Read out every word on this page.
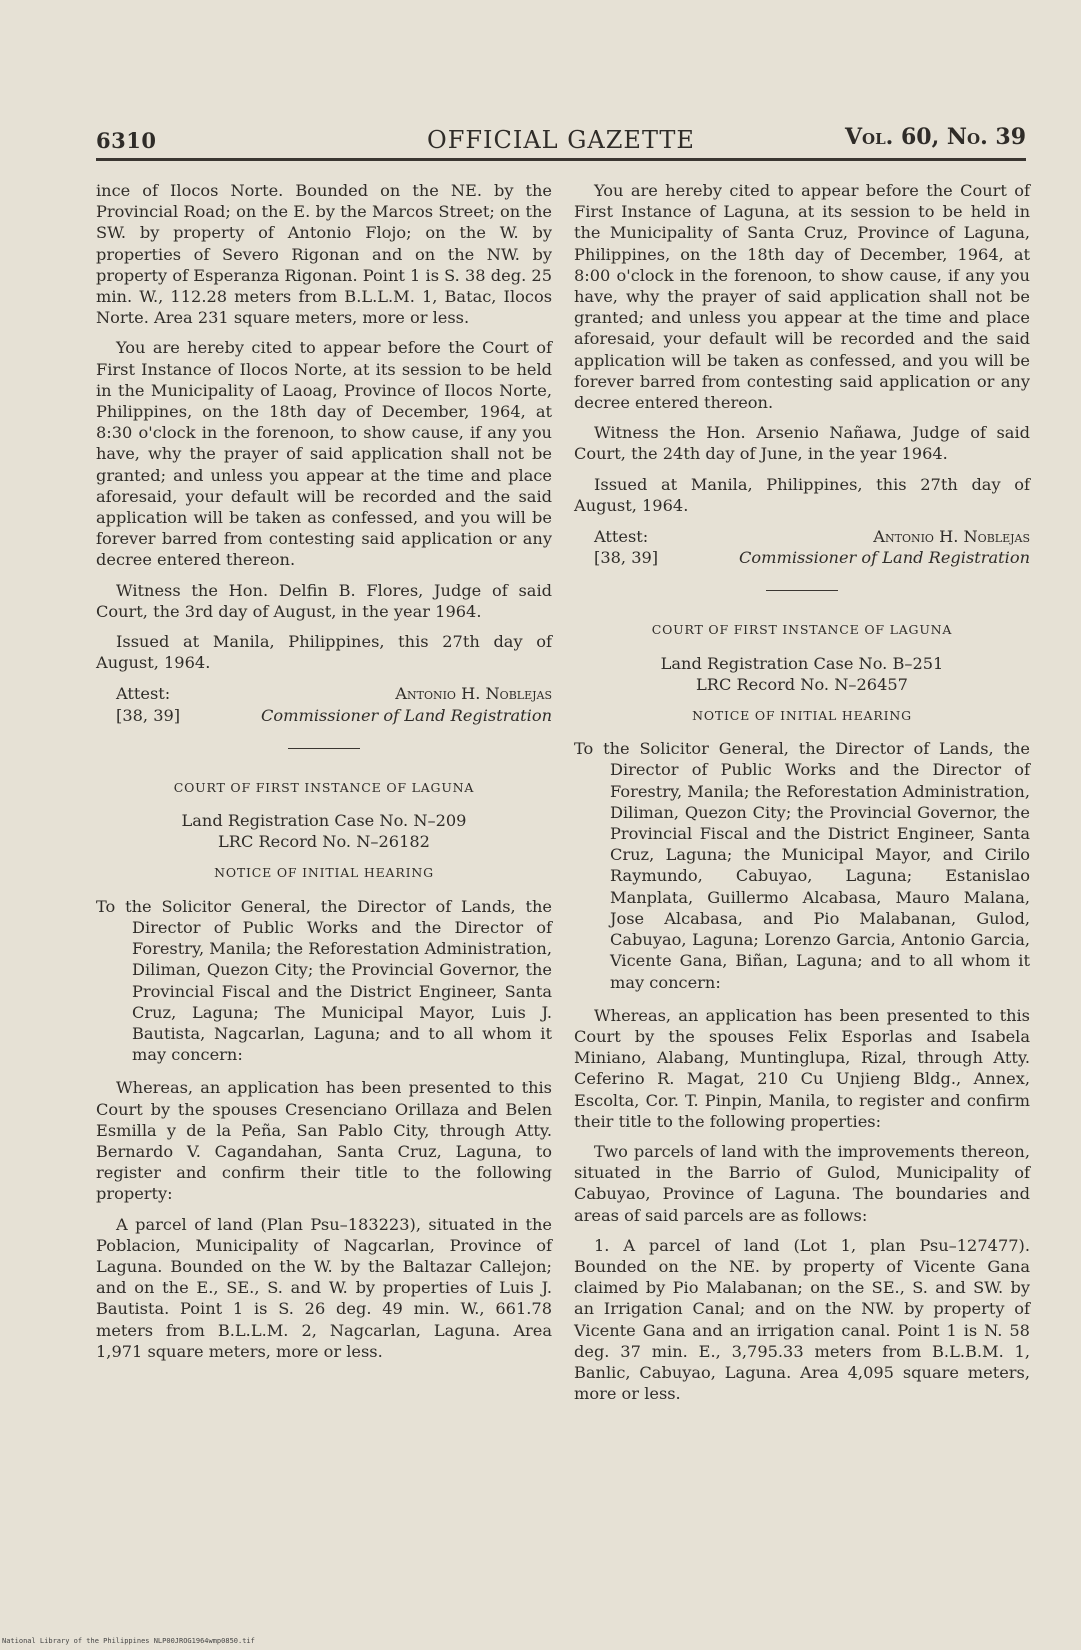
6310	OFFICIAL GAZETTE	Vol. 60, No. 39

ince of Ilocos Norte. Bounded on the NE. by the Provincial Road; on the E. by the Marcos Street; on the SW. by property of Antonio Flojo; on the W. by properties of Severo Rigonan and on the NW. by property of Esperanza Rigonan. Point 1 is S. 38 deg. 25 min. W., 112.28 meters from B.L.L.M. 1, Batac, Ilocos Norte. Area 231 square meters, more or less.

You are hereby cited to appear before the Court of First Instance of Ilocos Norte, at its session to be held in the Municipality of Laoag, Province of Ilocos Norte, Philippines, on the 18th day of December, 1964, at 8:30 o'clock in the forenoon, to show cause, if any you have, why the prayer of said application shall not be granted; and unless you appear at the time and place aforesaid, your default will be recorded and the said application will be taken as confessed, and you will be forever barred from contesting said application or any decree entered thereon.

Witness the Hon. Delfin B. Flores, Judge of said Court, the 3rd day of August, in the year 1964.

Issued at Manila, Philippines, this 27th day of August, 1964.

Attest:	Antonio H. Noblejas
[38, 39]	Commissioner of Land Registration
COURT OF FIRST INSTANCE OF LAGUNA
Land Registration Case No. N–209
LRC Record No. N–26182
NOTICE OF INITIAL HEARING
To the Solicitor General, the Director of Lands, the Director of Public Works and the Director of Forestry, Manila; the Reforestation Administration, Diliman, Quezon City; the Provincial Governor, the Provincial Fiscal and the District Engineer, Santa Cruz, Laguna; The Municipal Mayor, Luis J. Bautista, Nagcarlan, Laguna; and to all whom it may concern:

Whereas, an application has been presented to this Court by the spouses Cresenciano Orillaza and Belen Esmilla y de la Peña, San Pablo City, through Atty. Bernardo V. Cagandahan, Santa Cruz, Laguna, to register and confirm their title to the following property:

A parcel of land (Plan Psu–183223), situated in the Poblacion, Municipality of Nagcarlan, Province of Laguna. Bounded on the W. by the Baltazar Callejon; and on the E., SE., S. and W. by properties of Luis J. Bautista. Point 1 is S. 26 deg. 49 min. W., 661.78 meters from B.L.L.M. 2, Nagcarlan, Laguna. Area 1,971 square meters, more or less.

You are hereby cited to appear before the Court of First Instance of Laguna, at its session to be held in the Municipality of Santa Cruz, Province of Laguna, Philippines, on the 18th day of December, 1964, at 8:00 o'clock in the forenoon, to show cause, if any you have, why the prayer of said application shall not be granted; and unless you appear at the time and place aforesaid, your default will be recorded and the said application will be taken as confessed, and you will be forever barred from contesting said application or any decree entered thereon.

Witness the Hon. Arsenio Nañawa, Judge of said Court, the 24th day of June, in the year 1964.

Issued at Manila, Philippines, this 27th day of August, 1964.

Attest:	Antonio H. Noblejas
[38, 39]	Commissioner of Land Registration
COURT OF FIRST INSTANCE OF LAGUNA
Land Registration Case No. B–251
LRC Record No. N–26457
NOTICE OF INITIAL HEARING
To the Solicitor General, the Director of Lands, the Director of Public Works and the Director of Forestry, Manila; the Reforestation Administration, Diliman, Quezon City; the Provincial Governor, the Provincial Fiscal and the District Engineer, Santa Cruz, Laguna; the Municipal Mayor, and Cirilo Raymundo, Cabuyao, Laguna; Estanislao Manplata, Guillermo Alcabasa, Mauro Malana, Jose Alcabasa, and Pio Malabanan, Gulod, Cabuyao, Laguna; Lorenzo Garcia, Antonio Garcia, Vicente Gana, Biñan, Laguna; and to all whom it may concern:

Whereas, an application has been presented to this Court by the spouses Felix Esporlas and Isabela Miniano, Alabang, Muntinglupa, Rizal, through Atty. Ceferino R. Magat, 210 Cu Unjieng Bldg., Annex, Escolta, Cor. T. Pinpin, Manila, to register and confirm their title to the following properties:

Two parcels of land with the improvements thereon, situated in the Barrio of Gulod, Municipality of Cabuyao, Province of Laguna. The boundaries and areas of said parcels are as follows:

1. A parcel of land (Lot 1, plan Psu–127477). Bounded on the NE. by property of Vicente Gana claimed by Pio Malabanan; on the SE., S. and SW. by an Irrigation Canal; and on the NW. by property of Vicente Gana and an irrigation canal. Point 1 is N. 58 deg. 37 min. E., 3,795.33 meters from B.L.B.M. 1, Banlic, Cabuyao, Laguna. Area 4,095 square meters, more or less.

National Library of the Philippines NLP00JROG1964wmp0850.tif
